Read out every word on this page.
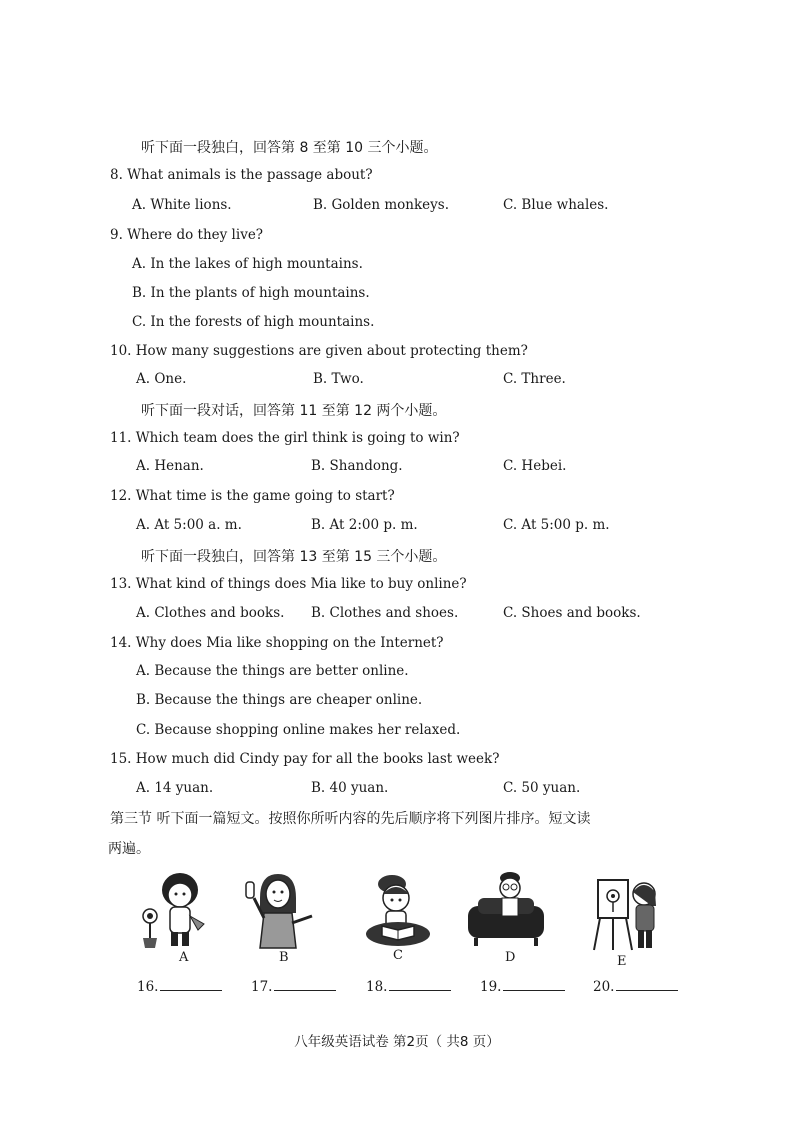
听下面一段独白，回答第 8 至第 10 三个小题。
8. What animals is the passage about?
A. White lions.	B. Golden monkeys.	C. Blue whales.
9. Where do they live?
A. In the lakes of high mountains.
B. In the plants of high mountains.
C. In the forests of high mountains.
10. How many suggestions are given about protecting them?
A. One.	B. Two.	C. Three.
听下面一段对话，回答第 11 至第 12 两个小题。
11. Which team does the girl think is going to win?
A. Henan.	B. Shandong.	C. Hebei.
12. What time is the game going to start?
A. At 5:00 a. m.	B. At 2:00 p. m.	C. At 5:00 p. m.
听下面一段独白，回答第 13 至第 15 三个小题。
13. What kind of things does Mia like to buy online?
A. Clothes and books. B. Clothes and shoes.	C. Shoes and books.
14. Why does Mia like shopping on the Internet?
A. Because the things are better online.
B. Because the things are cheaper online.
C. Because shopping online makes her relaxed.
15. How much did Cindy pay for all the books last week?
A. 14 yuan.	B. 40 yuan.	C. 50 yuan.
第三节 听下面一篇短文。按照你所听内容的先后顺序将下列图片排序。短文读
两遍。
A	B	C	D	E
16.	17.	18.	19.	20.
八年级英语试卷 第2页（ 共8 页）
